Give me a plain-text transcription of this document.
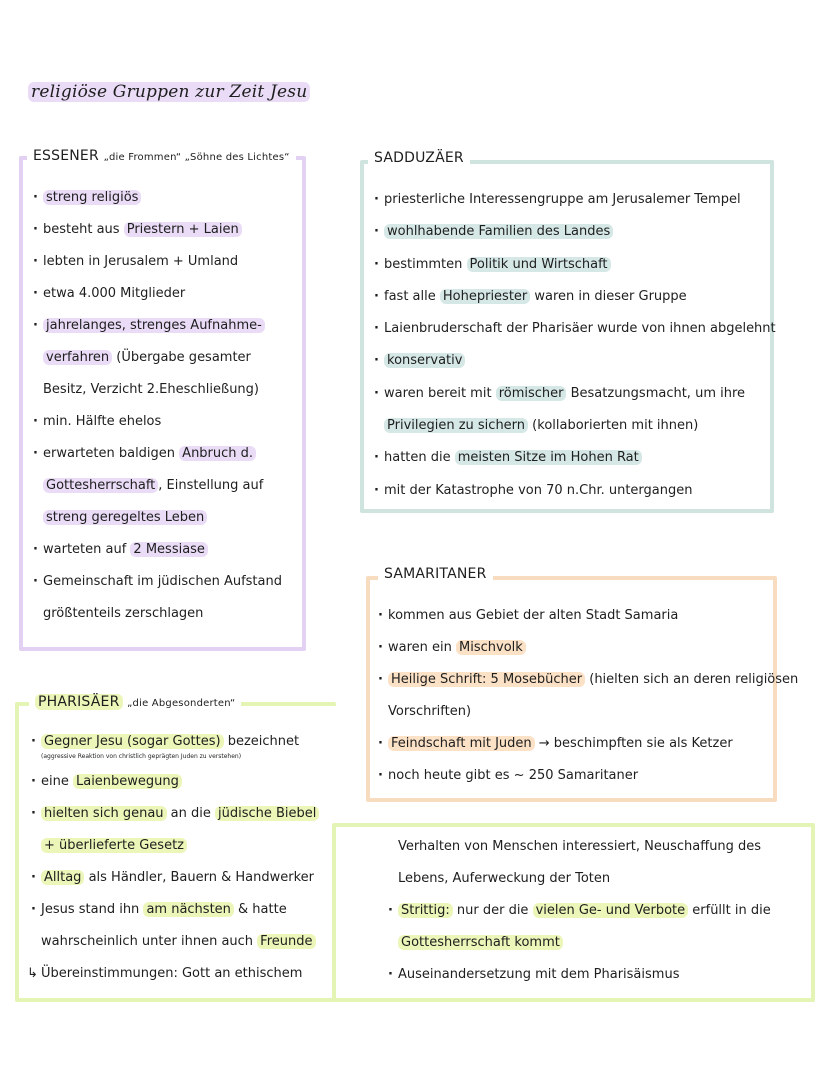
religiöse Gruppen zur Zeit Jesu
ESSENER „die Frommen“ „Söhne des Lichtes“
· streng religiös
· besteht aus Priestern + Laien
· lebten in Jerusalem + Umland
· etwa 4.000 Mitglieder
· jahrelanges, strenges Aufnahme-
verfahren (Übergabe gesamter
Besitz, Verzicht 2.Eheschließung)
· min. Hälfte ehelos
· erwarteten baldigen Anbruch d.
Gottesherrschaft , Einstellung auf
streng geregeltes Leben
· warteten auf 2 Messiase
· Gemeinschaft im jüdischen Aufstand
größtenteils zerschlagen
SADDUZÄER
· priesterliche Interessengruppe am Jerusalemer Tempel
· wohlhabende Familien des Landes
· bestimmten Politik und Wirtschaft
· fast alle Hohepriester waren in dieser Gruppe
· Laienbruderschaft der Pharisäer wurde von ihnen abgelehnt
· konservativ
· waren bereit mit römischer Besatzungsmacht, um ihre
Privilegien zu sichern (kollaborierten mit ihnen)
· hatten die meisten Sitze im Hohen Rat
· mit der Katastrophe von 70 n.Chr. untergangen
SAMARITANER
· kommen aus Gebiet der alten Stadt Samaria
· waren ein Mischvolk
· Heilige Schrift: 5 Mosebücher (hielten sich an deren religiösen
Vorschriften)
· Feindschaft mit Juden → beschimpften sie als Ketzer
· noch heute gibt es ~ 250 Samaritaner
PHARISÄER „die Abgesonderten“
· Gegner Jesu (sogar Gottes) bezeichnet
(aggressive Reaktion von christlich geprägten Juden zu verstehen)
· eine Laienbewegung
· hielten sich genau an die jüdische Biebel
+ überlieferte Gesetz
· Alltag als Händler, Bauern & Handwerker
· Jesus stand ihn am nächsten & hatte
wahrscheinlich unter ihnen auch Freunde
↳ Übereinstimmungen: Gott an ethischem
Verhalten von Menschen interessiert, Neuschaffung des
Lebens, Auferweckung der Toten
· Strittig: nur der die vielen Ge- und Verbote erfüllt in die
Gottesherrschaft kommt
· Auseinandersetzung mit dem Pharisäismus
